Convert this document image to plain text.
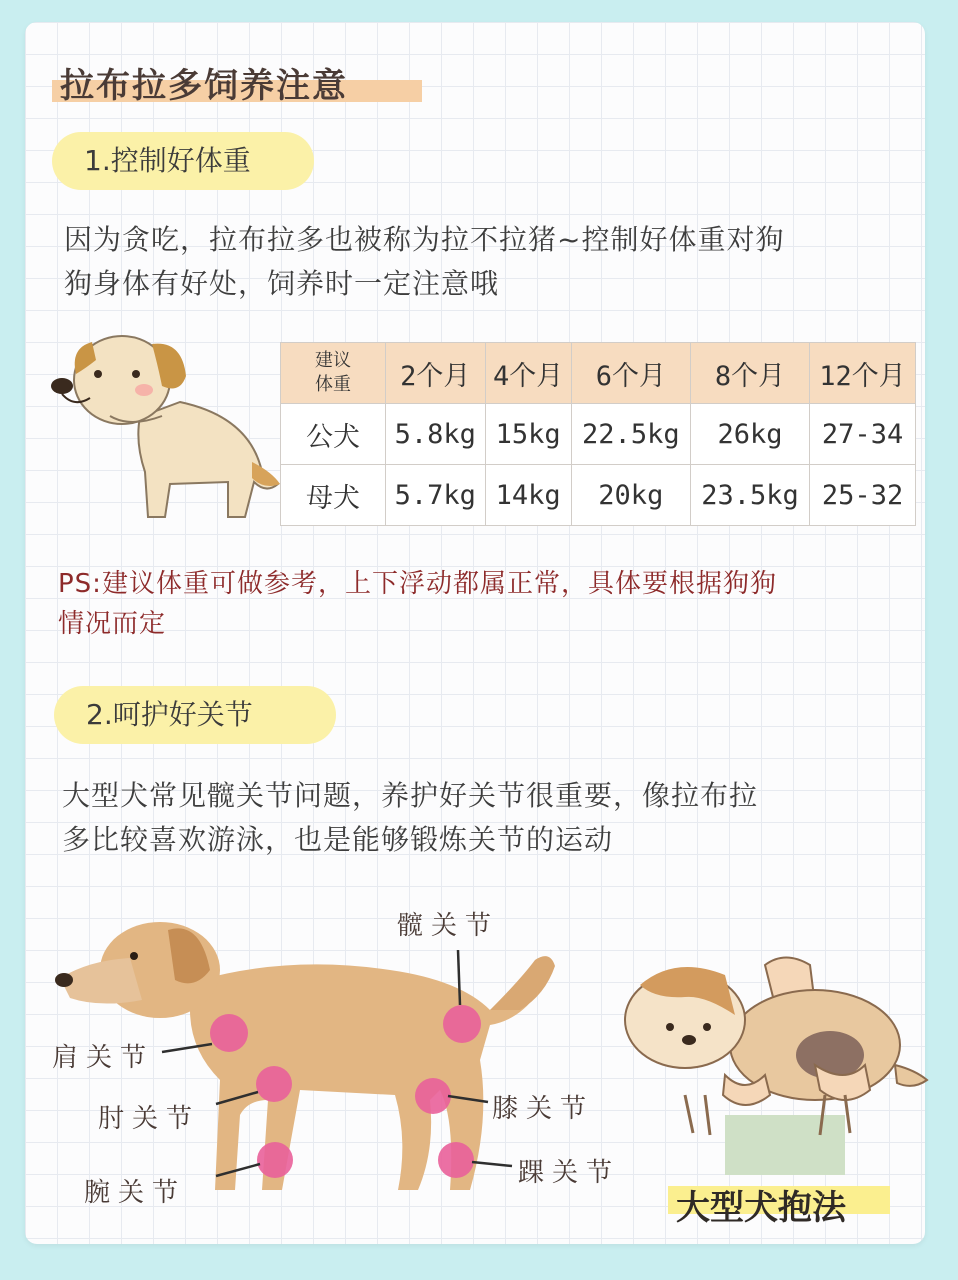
拉布拉多饲养注意
1.控制好体重
因为贪吃，拉布拉多也被称为拉不拉猪~控制好体重对狗
狗身体有好处，饲养时一定注意哦
建议
体重	2个月	4个月	6个月	8个月	12个月
公犬	5.8kg	15kg	22.5kg	26kg	27-34
母犬	5.7kg	14kg	20kg	23.5kg	25-32
PS:建议体重可做参考，上下浮动都属正常，具体要根据狗狗
情况而定
2.呵护好关节
大型犬常见髋关节问题，养护好关节很重要，像拉布拉
多比较喜欢游泳，也是能够锻炼关节的运动
髋关节
肩关节
肘关节
腕关节
膝关节
踝关节
大型犬抱法
